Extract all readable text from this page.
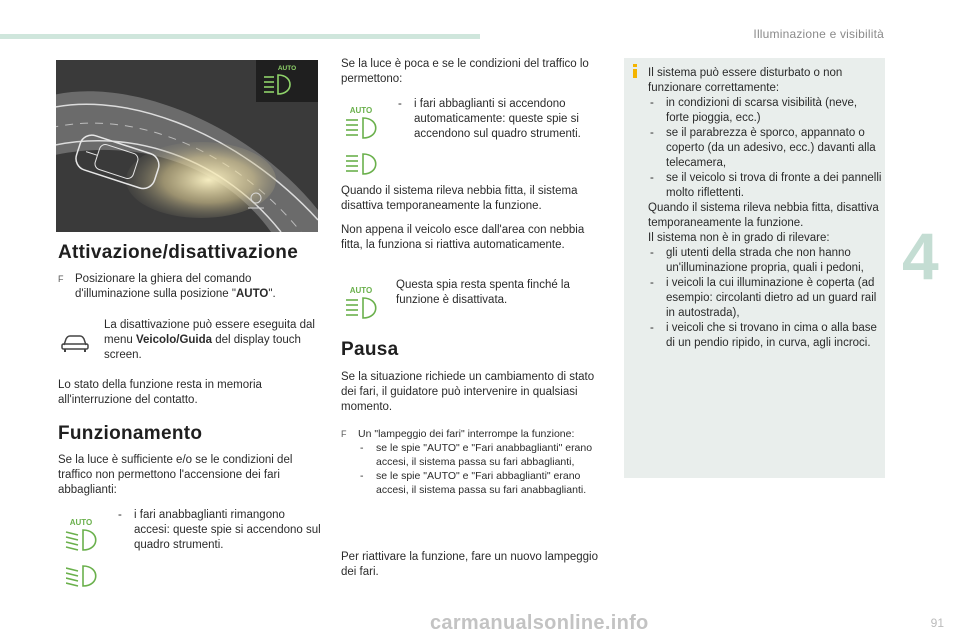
Illuminazione e visibilità
4
AUTO
Attivazione/disattivazione
F	Posizionare la ghiera del comando d'illuminazione sulla posizione "AUTO".
La disattivazione può essere eseguita dal menu Veicolo/Guida del display touch screen.
Lo stato della funzione resta in memoria all'interruzione del contatto.
Funzionamento
Se la luce è sufficiente e/o se le condizioni del traffico non permettono l'accensione dei fari abbaglianti:
AUTO
- i fari anabbaglianti rimangono accesi: queste spie si accendono sul quadro strumenti.
Se la luce è poca e se le condizioni del traffico lo permettono:
AUTO
- i fari abbaglianti si accendono automaticamente: queste spie si accendono sul quadro strumenti.
Quando il sistema rileva nebbia fitta, il sistema disattiva temporaneamente la funzione.
Non appena il veicolo esce dall'area con nebbia fitta, la funziona si riattiva automaticamente.
AUTO Questa spia resta spenta finché la funzione è disattivata.
Pausa
Se la situazione richiede un cambiamento di stato dei fari, il guidatore può intervenire in qualsiasi momento.
F Un "lampeggio dei fari" interrompe la funzione:
- se le spie "AUTO" e "Fari anabbaglianti" erano accesi, il sistema passa su fari abbaglianti,
- se le spie "AUTO" e "Fari abbaglianti" erano accesi, il sistema passa su fari anabbaglianti.
Per riattivare la funzione, fare un nuovo lampeggio dei fari.
Il sistema può essere disturbato o non funzionare correttamente:
- in condizioni di scarsa visibilità (neve, forte pioggia, ecc.)
- se il parabrezza è sporco, appannato o coperto (da un adesivo, ecc.) davanti alla telecamera,
- se il veicolo si trova di fronte a dei pannelli molto riflettenti.
Quando il sistema rileva nebbia fitta, disattiva temporaneamente la funzione.
Il sistema non è in grado di rilevare:
- gli utenti della strada che non hanno un'illuminazione propria, quali i pedoni,
- i veicoli la cui illuminazione è coperta (ad esempio: circolanti dietro ad un guard rail in autostrada),
- i veicoli che si trovano in cima o alla base di un pendio ripido, in curva, agli incroci.
carmanualsonline.info	91
